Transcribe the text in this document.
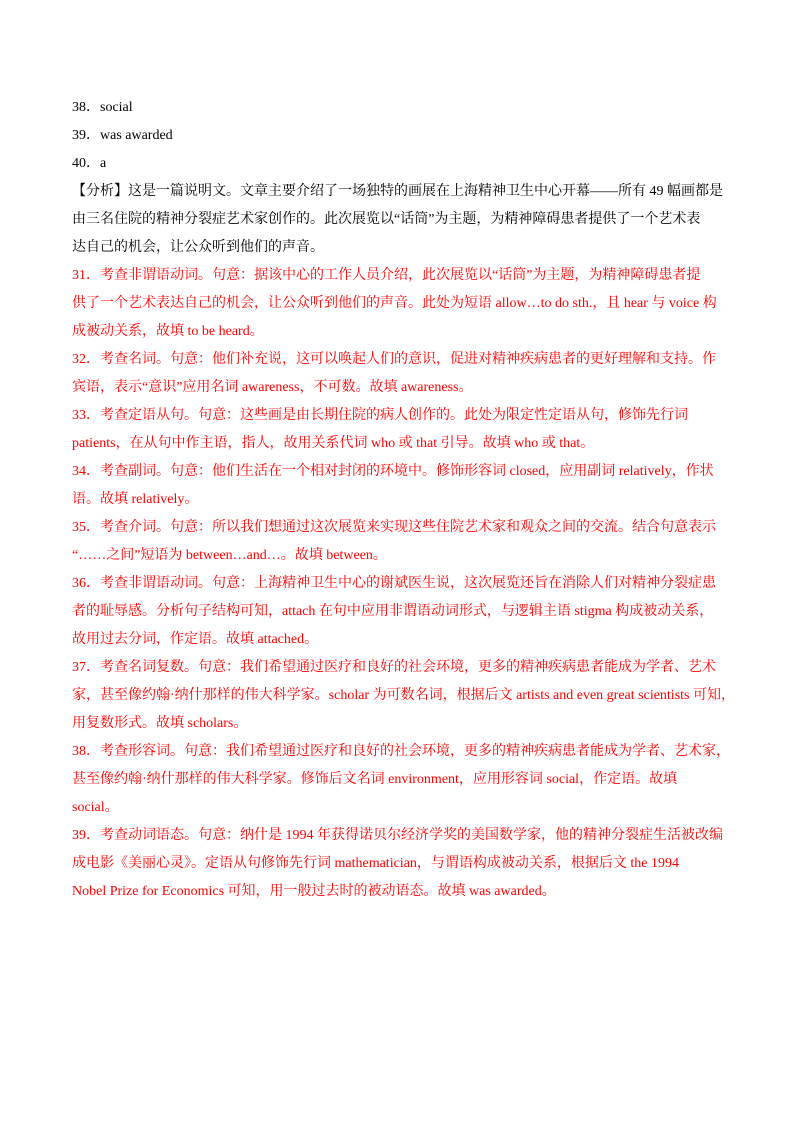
38．social
39．was awarded
40．a
【分析】这是一篇说明文。文章主要介绍了一场独特的画展在上海精神卫生中心开幕——所有 49 幅画都是
由三名住院的精神分裂症艺术家创作的。此次展览以“话筒”为主题，为精神障碍患者提供了一个艺术表
达自己的机会，让公众听到他们的声音。
31．考查非谓语动词。句意：据该中心的工作人员介绍，此次展览以“话筒”为主题，为精神障碍患者提
供了一个艺术表达自己的机会，让公众听到他们的声音。此处为短语 allow…to do sth.，且 hear 与 voice 构
成被动关系，故填 to be heard。
32．考查名词。句意：他们补充说，这可以唤起人们的意识，促进对精神疾病患者的更好理解和支持。作
宾语，表示“意识”应用名词 awareness，不可数。故填 awareness。
33．考查定语从句。句意：这些画是由长期住院的病人创作的。此处为限定性定语从句，修饰先行词
patients，在从句中作主语，指人，故用关系代词 who 或 that 引导。故填 who 或 that。
34．考查副词。句意：他们生活在一个相对封闭的环境中。修饰形容词 closed，应用副词 relatively，作状
语。故填 relatively。
35．考查介词。句意：所以我们想通过这次展览来实现这些住院艺术家和观众之间的交流。结合句意表示
“……之间”短语为 between…and…。故填 between。
36．考查非谓语动词。句意：上海精神卫生中心的谢斌医生说，这次展览还旨在消除人们对精神分裂症患
者的耻辱感。分析句子结构可知，attach 在句中应用非谓语动词形式，与逻辑主语 stigma 构成被动关系，
故用过去分词，作定语。故填 attached。
37．考查名词复数。句意：我们希望通过医疗和良好的社会环境，更多的精神疾病患者能成为学者、艺术
家，甚至像约翰·纳什那样的伟大科学家。scholar 为可数名词，根据后文 artists and even great scientists 可知，
用复数形式。故填 scholars。
38．考查形容词。句意：我们希望通过医疗和良好的社会环境，更多的精神疾病患者能成为学者、艺术家，
甚至像约翰·纳什那样的伟大科学家。修饰后文名词 environment，应用形容词 social，作定语。故填
social。
39．考查动词语态。句意：纳什是 1994 年获得诺贝尔经济学奖的美国数学家，他的精神分裂症生活被改编
成电影《美丽心灵》。定语从句修饰先行词 mathematician，与谓语构成被动关系，根据后文 the 1994
Nobel Prize for Economics 可知，用一般过去时的被动语态。故填 was awarded。
